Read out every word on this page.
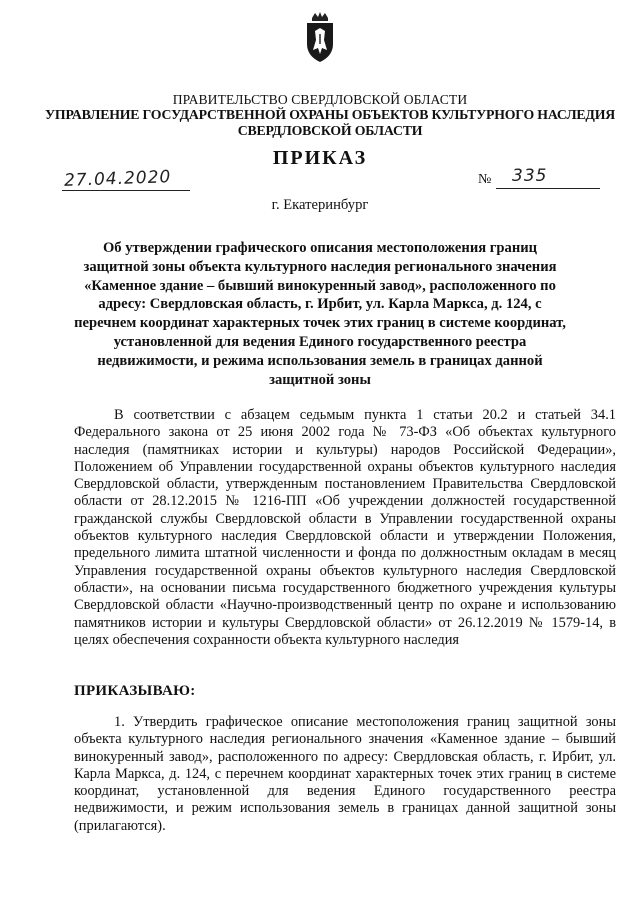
ПРАВИТЕЛЬСТВО СВЕРДЛОВСКОЙ ОБЛАСТИ
УПРАВЛЕНИЕ ГОСУДАРСТВЕННОЙ ОХРАНЫ ОБЪЕКТОВ КУЛЬТУРНОГО НАСЛЕДИЯ СВЕРДЛОВСКОЙ ОБЛАСТИ
ПРИКАЗ
27.04.2020	№ 335
г. Екатеринбург
Об утверждении графического описания местоположения границ защитной зоны объекта культурного наследия регионального значения «Каменное здание – бывший винокуренный завод», расположенного по адресу: Свердловская область, г. Ирбит, ул. Карла Маркса, д. 124, с перечнем координат характерных точек этих границ в системе координат, установленной для ведения Единого государственного реестра недвижимости, и режима использования земель в границах данной защитной зоны

В соответствии с абзацем седьмым пункта 1 статьи 20.2 и статьей 34.1 Федерального закона от 25 июня 2002 года № 73-ФЗ «Об объектах культурного наследия (памятниках истории и культуры) народов Российской Федерации», Положением об Управлении государственной охраны объектов культурного наследия Свердловской области, утвержденным постановлением Правительства Свердловской области от 28.12.2015 № 1216-ПП «Об учреждении должностей государственной гражданской службы Свердловской области в Управлении государственной охраны объектов культурного наследия Свердловской области и утверждении Положения, предельного лимита штатной численности и фонда по должностным окладам в месяц Управления государственной охраны объектов культурного наследия Свердловской области», на основании письма государственного бюджетного учреждения культуры Свердловской области «Научно-производственный центр по охране и использованию памятников истории и культуры Свердловской области» от 26.12.2019 № 1579-14, в целях обеспечения сохранности объекта культурного наследия

ПРИКАЗЫВАЮ:

1. Утвердить графическое описание местоположения границ защитной зоны объекта культурного наследия регионального значения «Каменное здание – бывший винокуренный завод», расположенного по адресу: Свердловская область, г. Ирбит, ул. Карла Маркса, д. 124, с перечнем координат характерных точек этих границ в системе координат, установленной для ведения Единого государственного реестра недвижимости, и режим использования земель в границах данной защитной зоны (прилагаются).
